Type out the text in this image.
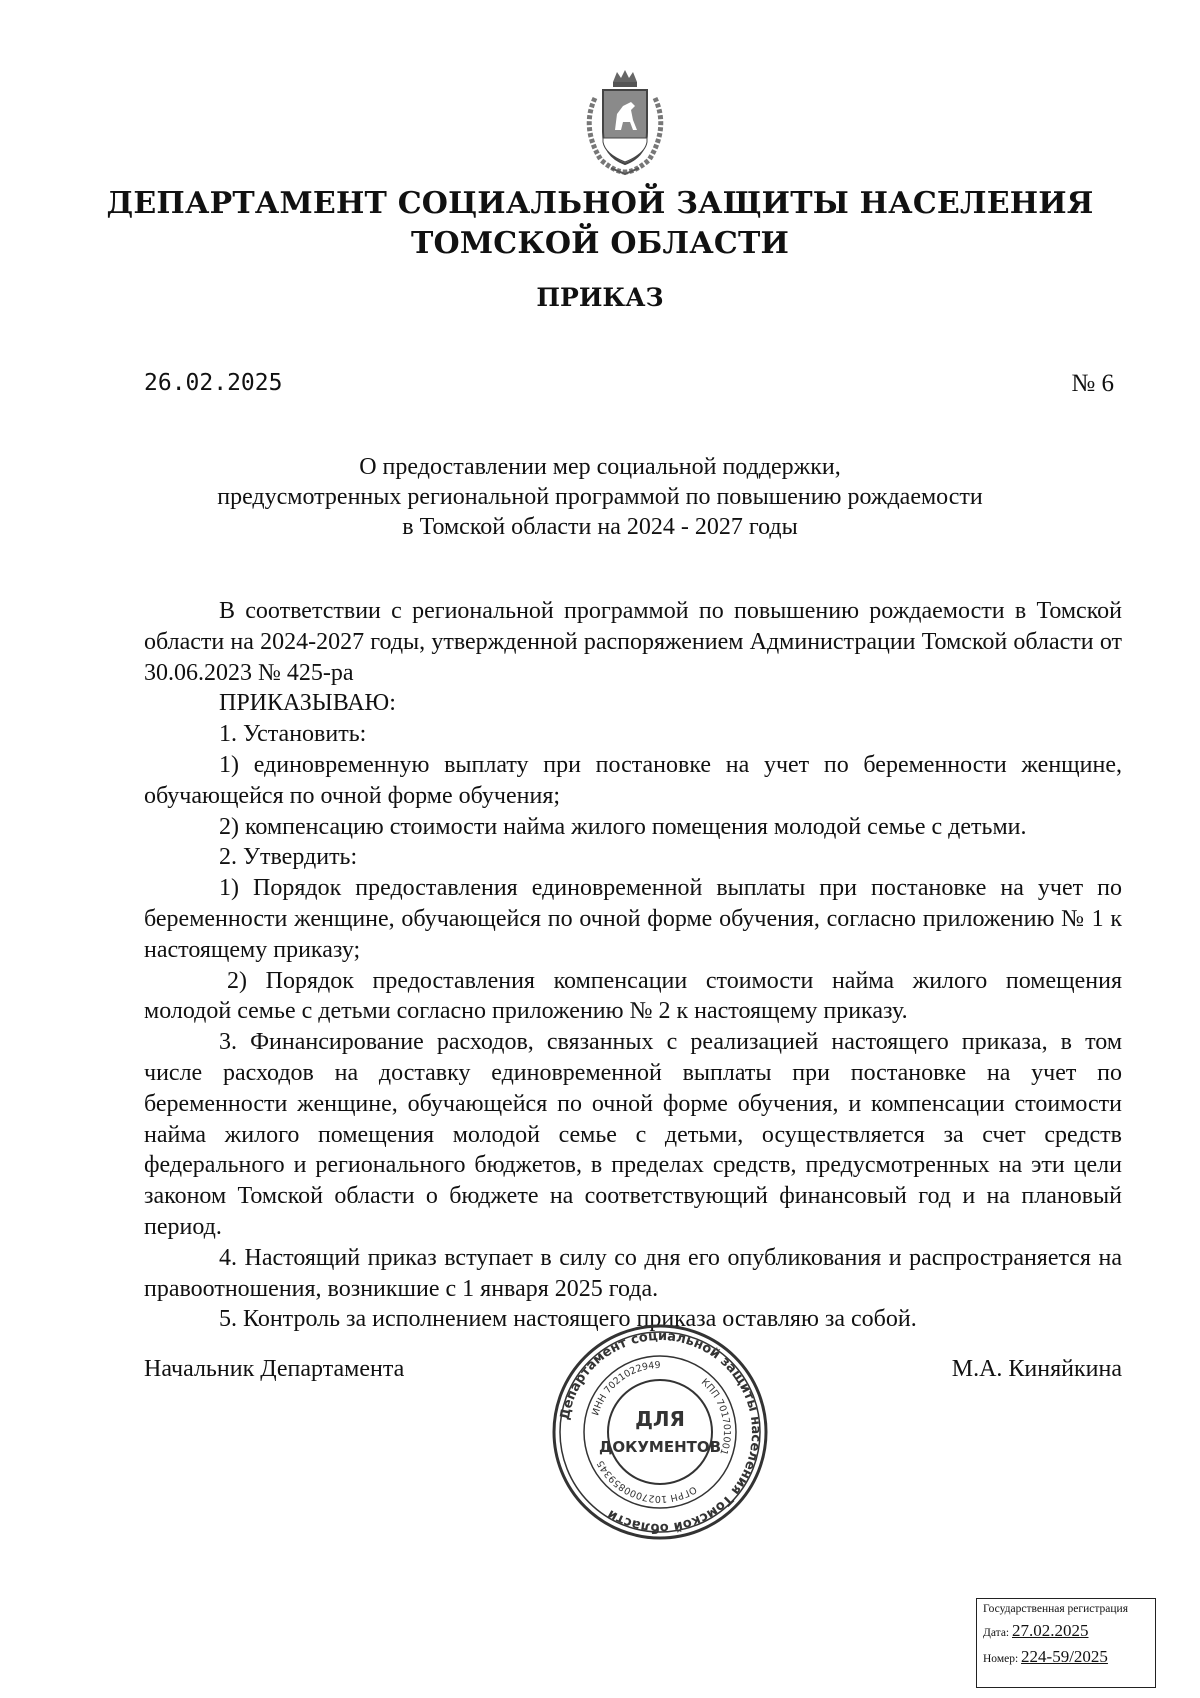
ДЕПАРТАМЕНТ СОЦИАЛЬНОЙ ЗАЩИТЫ НАСЕЛЕНИЯ
ТОМСКОЙ ОБЛАСТИ
ПРИКАЗ
26.02.2025	№ 6
О предоставлении мер социальной поддержки,
предусмотренных региональной программой по повышению рождаемости
в Томской области на 2024 - 2027 годы

В соответствии с региональной программой по повышению рождаемости в Томской области на 2024-2027 годы, утвержденной распоряжением Администрации Томской области от 30.06.2023 № 425-ра

ПРИКАЗЫВАЮ:

1. Установить:

1) единовременную выплату при постановке на учет по беременности женщине, обучающейся по очной форме обучения;

2) компенсацию стоимости найма жилого помещения молодой семье с детьми.

2. Утвердить:

1) Порядок предоставления единовременной выплаты при постановке на учет по беременности женщине, обучающейся по очной форме обучения, согласно приложению № 1 к настоящему приказу;

2) Порядок предоставления компенсации стоимости найма жилого помещения молодой семье с детьми согласно приложению № 2 к настоящему приказу.

3. Финансирование расходов, связанных с реализацией настоящего приказа, в том числе расходов на доставку единовременной выплаты при постановке на учет по беременности женщине, обучающейся по очной форме обучения, и компенсации стоимости найма жилого помещения молодой семье с детьми, осуществляется за счет средств федерального и регионального бюджетов, в пределах средств, предусмотренных на эти цели законом Томской области о бюджете на соответствующий финансовый год и на плановый период.

4. Настоящий приказ вступает в силу со дня его опубликования и распространяется на правоотношения, возникшие с 1 января 2025 года.

5. Контроль за исполнением настоящего приказа оставляю за собой.

Начальник Департамента	М.А. Киняйкина
Департамент социальной защиты населения Томской области
ИНН 7021022949
КПП 701701001
ОГРН 1027000859345
ДЛЯ
ДОКУМЕНТОВ
Государственная регистрация
Дата: 27.02.2025
Номер: 224-59/2025
